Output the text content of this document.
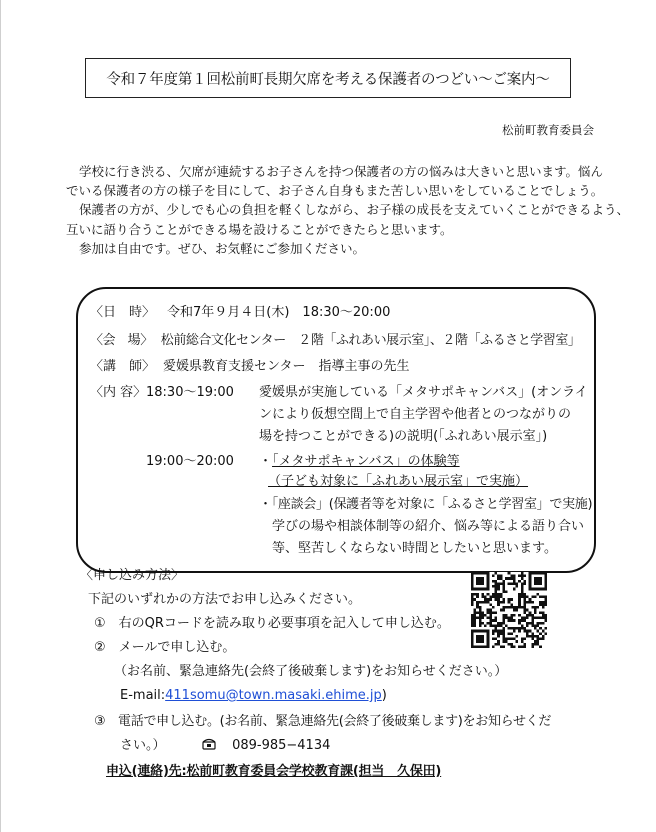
令和７年度第１回松前町長期欠席を考える保護者のつどい～ご案内～
松前町教育委員会

学校に行き渋る、欠席が連続するお子さんを持つ保護者の方の悩みは大きいと思います。悩ん

でいる保護者の方の様子を目にして、お子さん自身もまた苦しい思いをしていることでしょう。

保護者の方が、少しでも心の負担を軽くしながら、お子様の成長を支えていくことができるよう、

互いに語り合うことができる場を設けることができたらと思います。

参加は自由です。ぜひ、お気軽にご参加ください。

〈日　時〉 令和7年９月４日(木)　18:30～20:00
〈会　場〉 松前総合文化センター　２階「ふれあい展示室」、２階「ふるさと学習室」
〈講　師〉 愛媛県教育支援センター　指導主事の先生
〈内 容〉 18:30～19:00 愛媛県が実施している「メタサポキャンバス」(オンライ
ンにより仮想空間上で自主学習や他者とのつながりの
場を持つことができる)の説明(「ふれあい展示室」)
19:00～20:00 ・「メタサポキャンバス」の体験等
（子ども対象に「ふれあい展示室」で実施）
・「座談会」(保護者等を対象に「ふるさと学習室」で実施)
学びの場や相談体制等の紹介、悩み等による語り合い
等、堅苦しくならない時間としたいと思います。
〈申し込み方法〉
下記のいずれかの方法でお申し込みください。
①　右のQRコードを読み取り必要事項を記入して申し込む。
②　メールで申し込む。
（お名前、緊急連絡先(会終了後破棄します)をお知らせください。）
E-mail:411somu@town.masaki.ehime.jp)
③　電話で申し込む。(お名前、緊急連絡先(会終了後破棄します)をお知らせくだ
さい。）	089-985−4134
申込(連絡)先:松前町教育委員会学校教育課(担当　久保田)
